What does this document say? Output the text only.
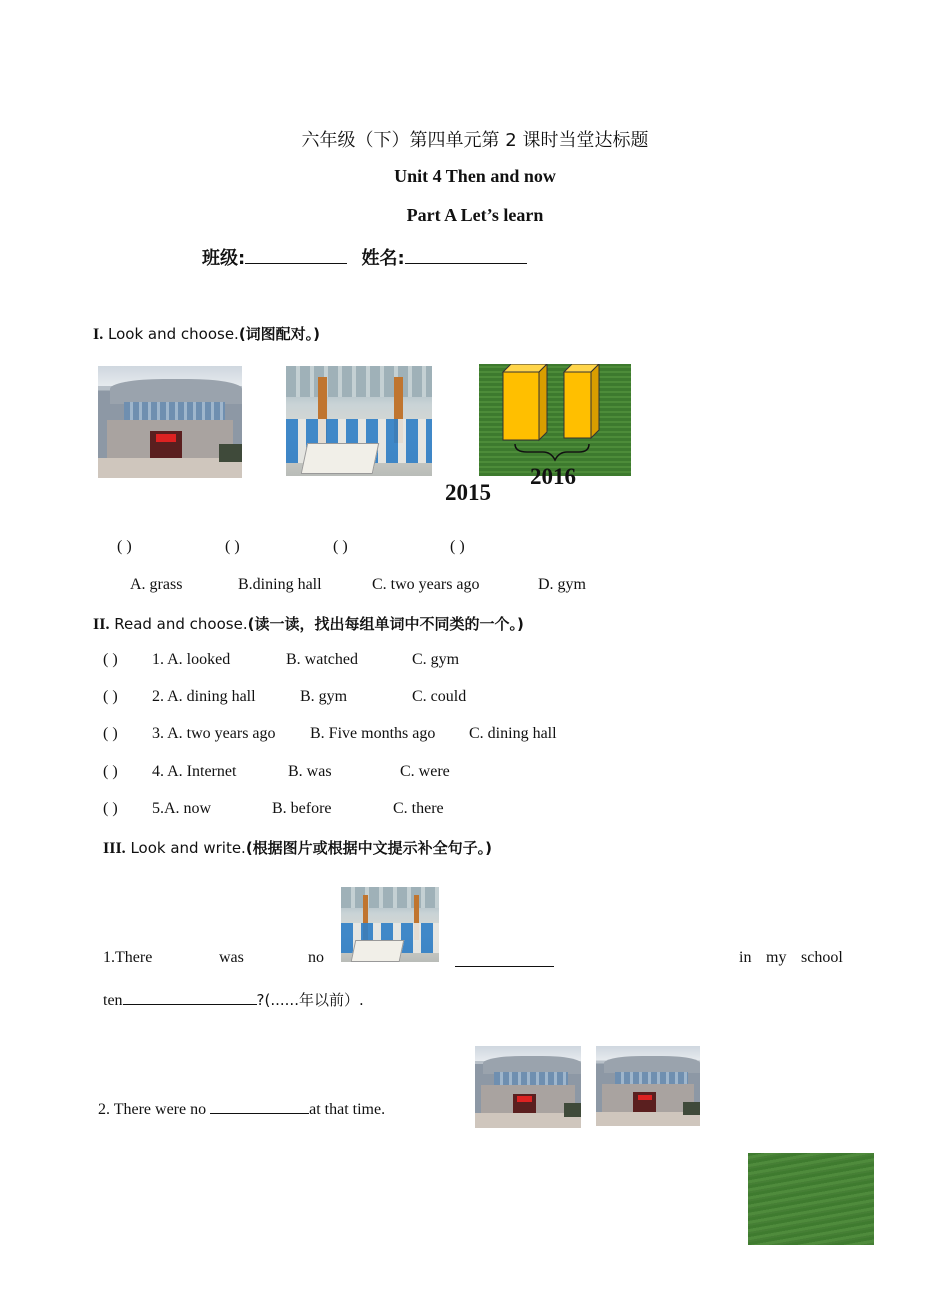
六年级（下）第四单元第 2 课时当堂达标题
Unit 4 Then and now
Part A Let’s learn
班级:	姓名:
I. Look and choose.(词图配对。)
2016
2015
( )	( )	( )	( )
A. grass	B.dining hall	C. two years ago	D. gym
II. Read and choose.(读一读，找出每组单词中不同类的一个。)
( ) 1. A. looked	B. watched	C. gym
( ) 2. A. dining hall	B. gym	C. could
( ) 3. A. two years ago B. Five months ago C. dining hall
( ) 4. A. Internet	B. was	C. were
( ) 5.A. now	B. before	C. there
III. Look and write.(根据图片或根据中文提示补全句子。)
1.There	was	no	in my school
ten	?(......年以前）.
2. There were no	at that time.
